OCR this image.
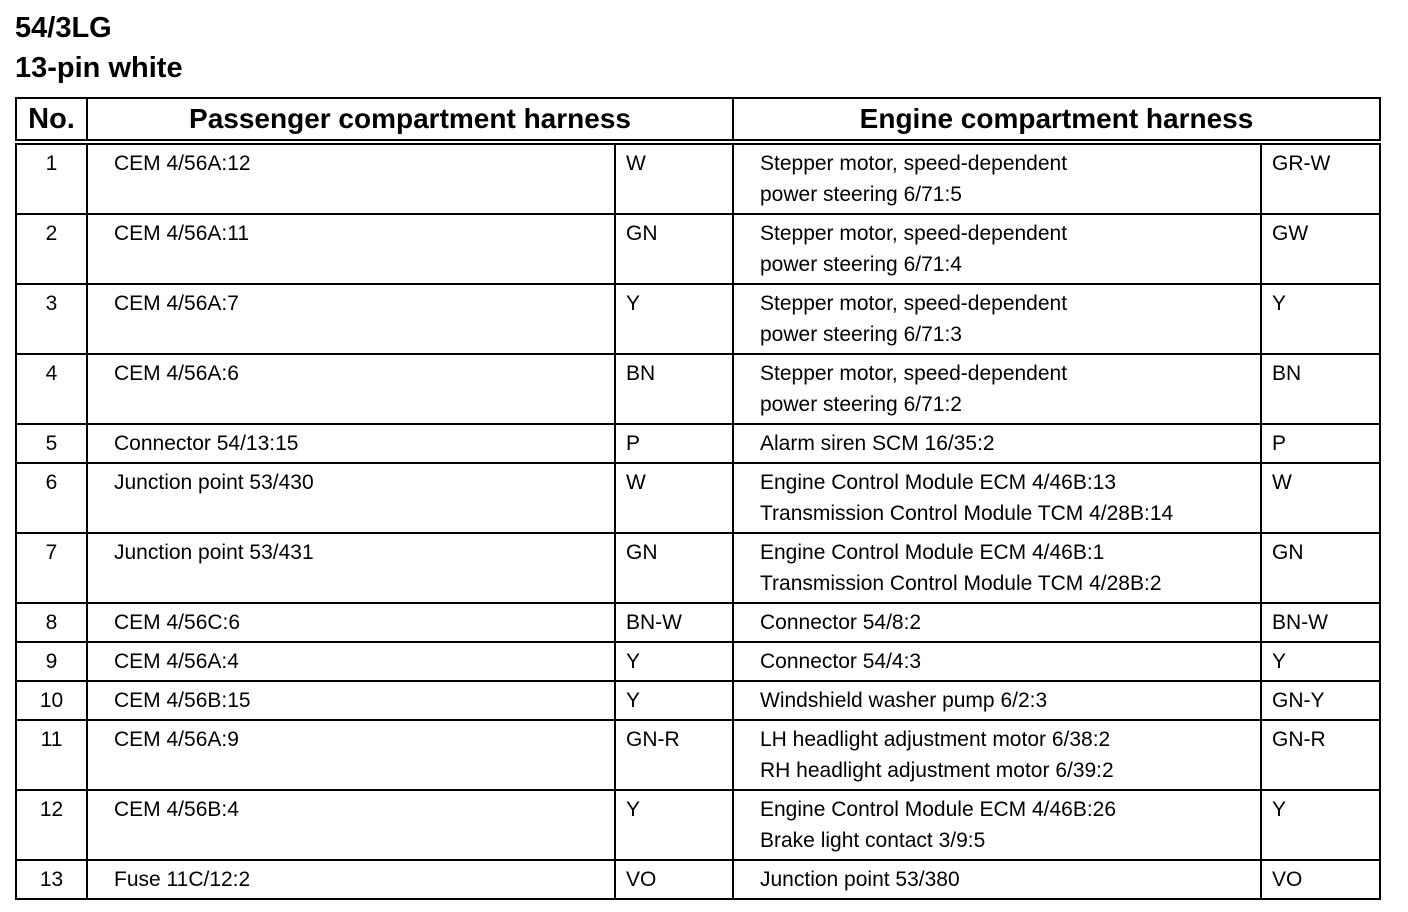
54/3LG
13-pin white
No.	Passenger compartment harness		Engine compartment harness	
1	CEM 4/56A:12	W	Stepper motor, speed-dependent
power steering 6/71:5	GR-W
2	CEM 4/56A:11	GN	Stepper motor, speed-dependent
power steering 6/71:4	GW
3	CEM 4/56A:7	Y	Stepper motor, speed-dependent
power steering 6/71:3	Y
4	CEM 4/56A:6	BN	Stepper motor, speed-dependent
power steering 6/71:2	BN
5	Connector 54/13:15	P	Alarm siren SCM 16/35:2	P
6	Junction point 53/430	W	Engine Control Module ECM 4/46B:13
Transmission Control Module TCM 4/28B:14	W
7	Junction point 53/431	GN	Engine Control Module ECM 4/46B:1
Transmission Control Module TCM 4/28B:2	GN
8	CEM 4/56C:6	BN-W	Connector 54/8:2	BN-W
9	CEM 4/56A:4	Y	Connector 54/4:3	Y
10	CEM 4/56B:15	Y	Windshield washer pump 6/2:3	GN-Y
11	CEM 4/56A:9	GN-R	LH headlight adjustment motor 6/38:2
RH headlight adjustment motor 6/39:2	GN-R
12	CEM 4/56B:4	Y	Engine Control Module ECM 4/46B:26
Brake light contact 3/9:5	Y
13	Fuse 11C/12:2	VO	Junction point 53/380	VO
